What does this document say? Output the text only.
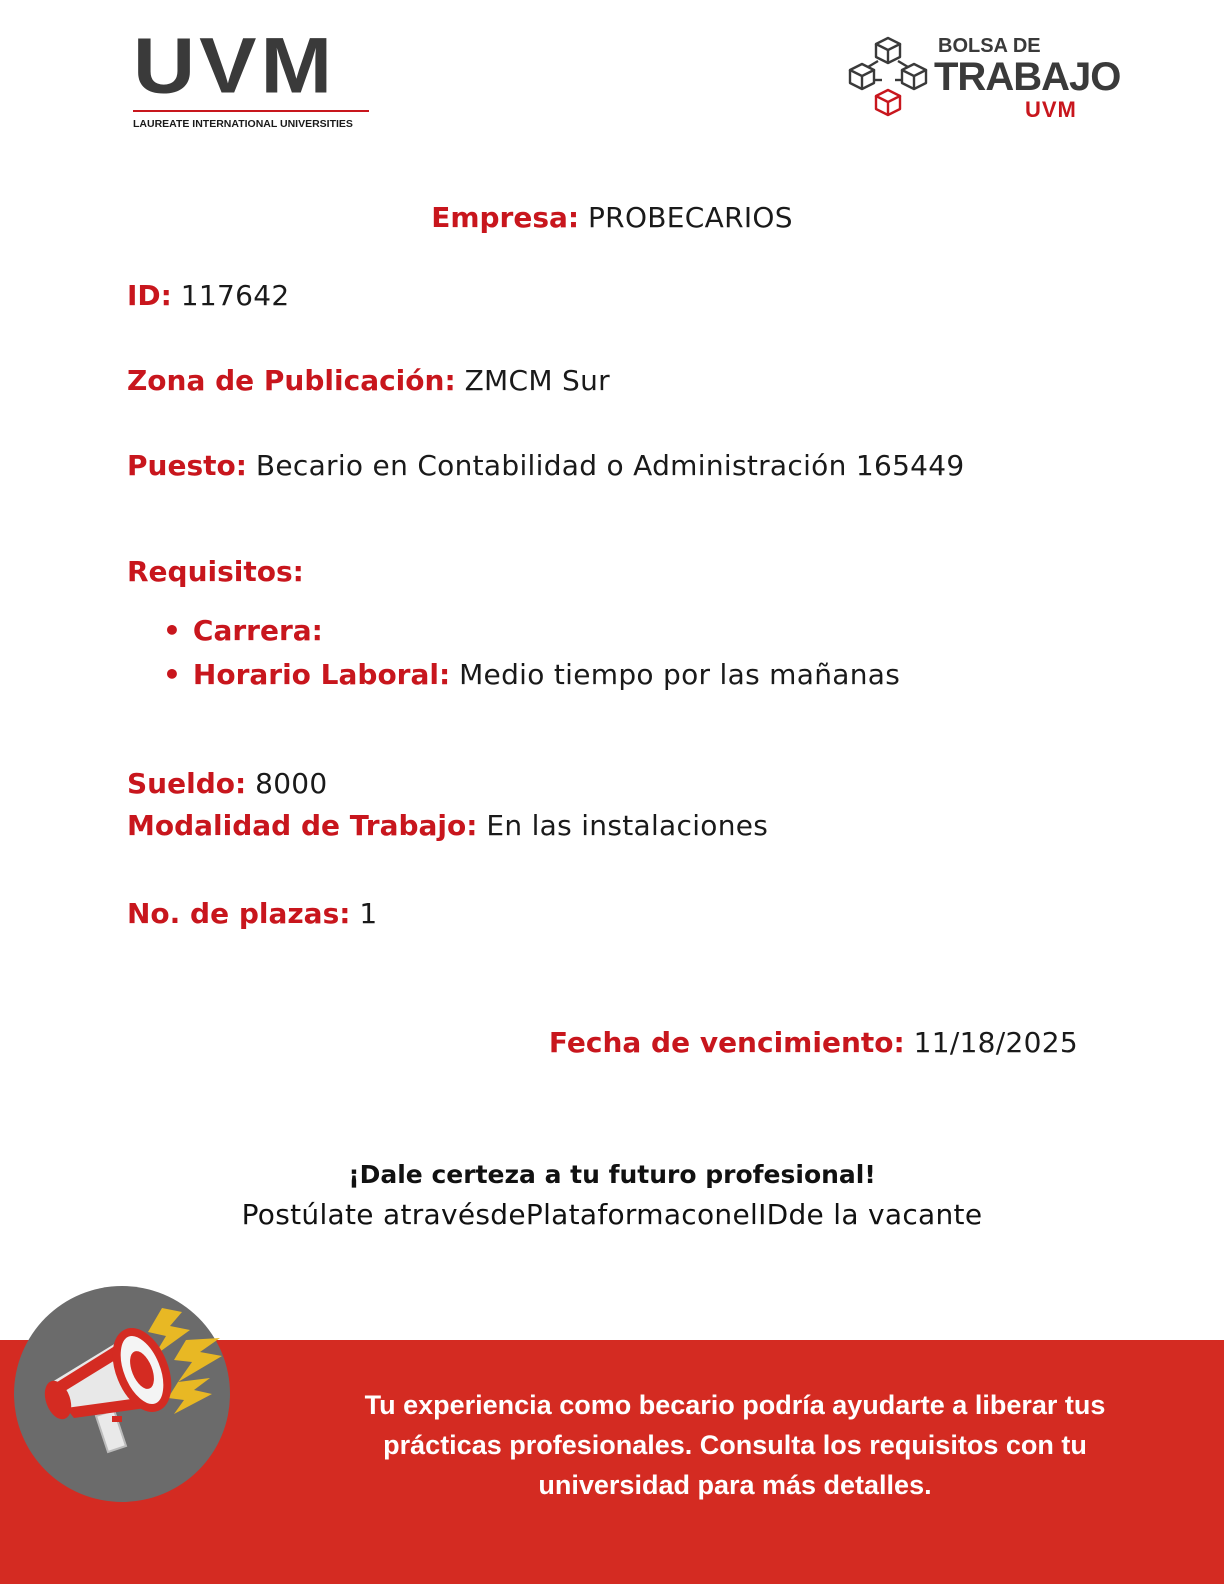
UVM
LAUREATE INTERNATIONAL UNIVERSITIES
BOLSA DE
TRABAJO
UVM
Empresa: PROBECARIOS
ID: 117642
Zona de Publicación: ZMCM Sur
Puesto: Becario en Contabilidad o Administración 165449
Requisitos:
• Carrera:
• Horario Laboral: Medio tiempo por las mañanas
Sueldo: 8000
Modalidad de Trabajo: En las instalaciones
No. de plazas: 1
Fecha de vencimiento: 11/18/2025
¡Dale certeza a tu futuro profesional!
Postúlate atravésdePlataformaconelIDde la vacante
Tu experiencia como becario podría ayudarte a liberar tus prácticas profesionales. Consulta los requisitos con tu universidad para más detalles.
